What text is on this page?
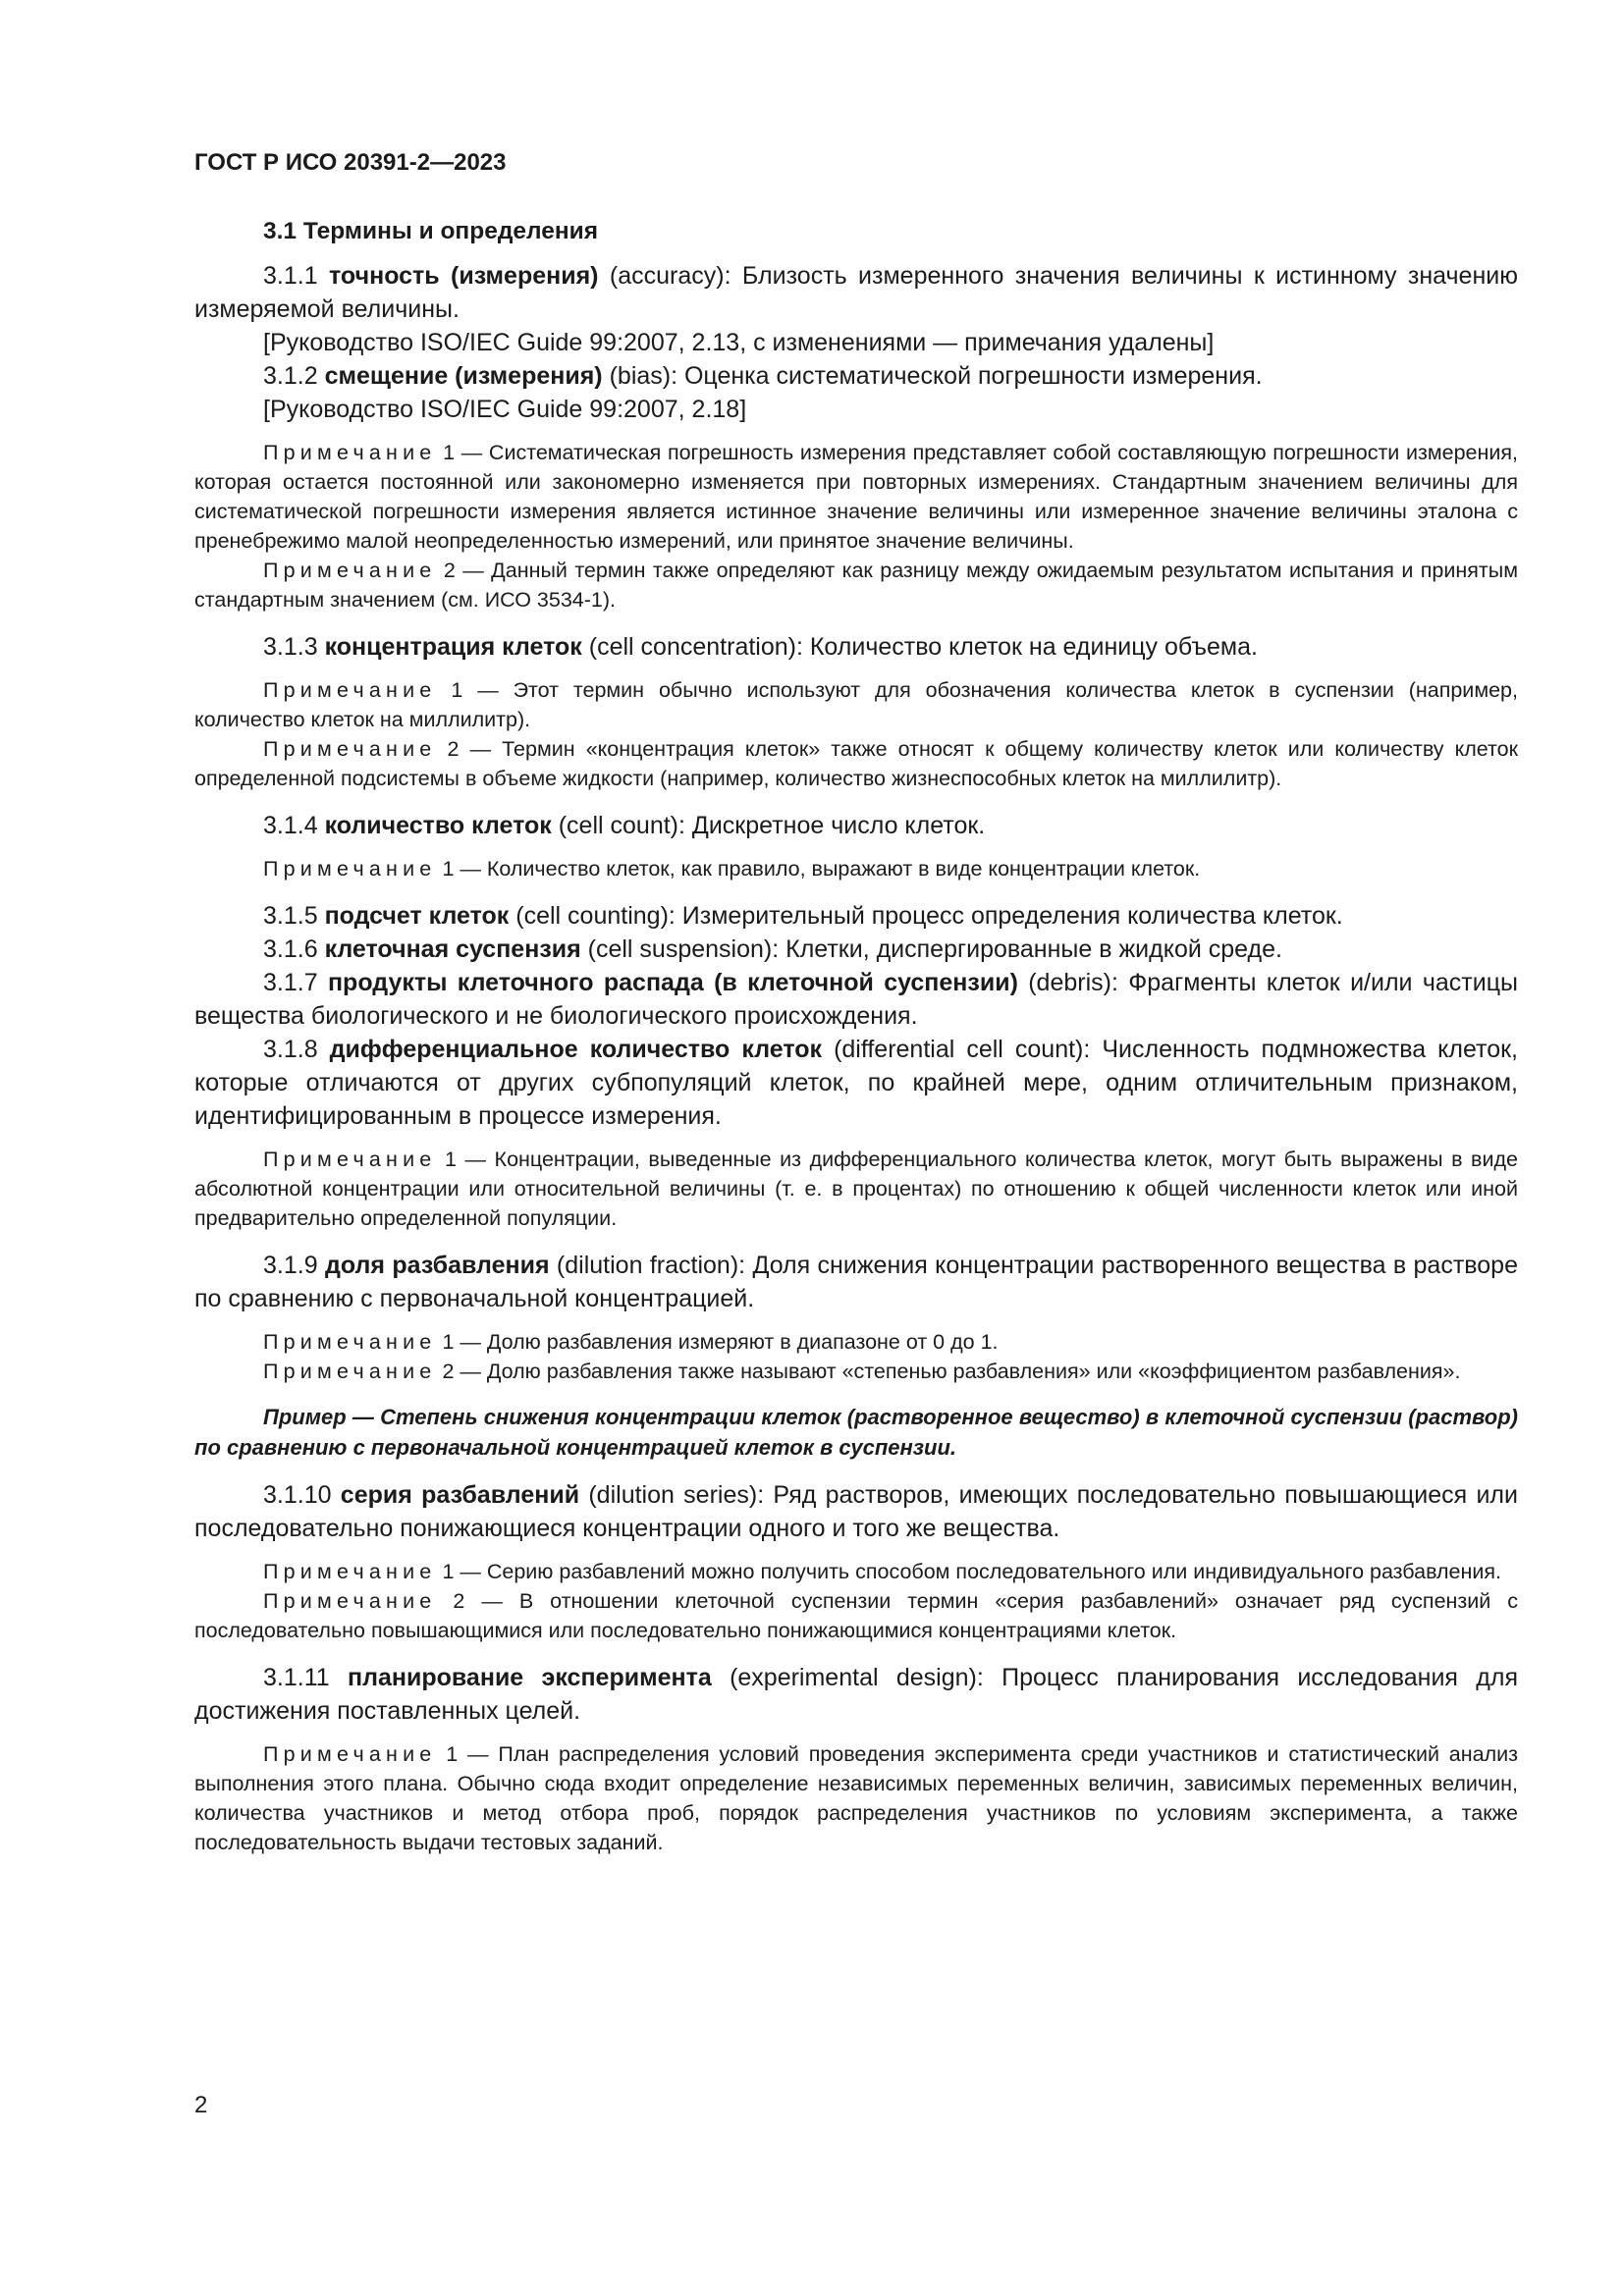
ГОСТ Р ИСО 20391-2—2023
3.1 Термины и определения

3.1.1 точность (измерения) (accuracy): Близость измеренного значения величины к истинному значению измеряемой величины.

[Руководство ISO/IEC Guide 99:2007, 2.13, с изменениями — примечания удалены]

3.1.2 смещение (измерения) (bias): Оценка систематической погрешности измерения.

[Руководство ISO/IEC Guide 99:2007, 2.18]

Примечание 1 — Систематическая погрешность измерения представляет собой составляющую погрешности измерения, которая остается постоянной или закономерно изменяется при повторных измерениях. Стандартным значением величины для систематической погрешности измерения является истинное значение величины или измеренное значение величины эталона с пренебрежимо малой неопределенностью измерений, или принятое значение величины.

Примечание 2 — Данный термин также определяют как разницу между ожидаемым результатом испытания и принятым стандартным значением (см. ИСО 3534-1).

3.1.3 концентрация клеток (cell concentration): Количество клеток на единицу объема.

Примечание 1 — Этот термин обычно используют для обозначения количества клеток в суспензии (например, количество клеток на миллилитр).

Примечание 2 — Термин «концентрация клеток» также относят к общему количеству клеток или количеству клеток определенной подсистемы в объеме жидкости (например, количество жизнеспособных клеток на миллилитр).

3.1.4 количество клеток (cell count): Дискретное число клеток.

Примечание 1 — Количество клеток, как правило, выражают в виде концентрации клеток.

3.1.5 подсчет клеток (cell counting): Измерительный процесс определения количества клеток.

3.1.6 клеточная суспензия (cell suspension): Клетки, диспергированные в жидкой среде.

3.1.7 продукты клеточного распада (в клеточной суспензии) (debris): Фрагменты клеток и/или частицы вещества биологического и не биологического происхождения.

3.1.8 дифференциальное количество клеток (differential cell count): Численность подмножества клеток, которые отличаются от других субпопуляций клеток, по крайней мере, одним отличительным признаком, идентифицированным в процессе измерения.

Примечание 1 — Концентрации, выведенные из дифференциального количества клеток, могут быть выражены в виде абсолютной концентрации или относительной величины (т. е. в процентах) по отношению к общей численности клеток или иной предварительно определенной популяции.

3.1.9 доля разбавления (dilution fraction): Доля снижения концентрации растворенного вещества в растворе по сравнению с первоначальной концентрацией.

Примечание 1 — Долю разбавления измеряют в диапазоне от 0 до 1.

Примечание 2 — Долю разбавления также называют «степенью разбавления» или «коэффициентом разбавления».

Пример — Степень снижения концентрации клеток (растворенное вещество) в клеточной суспензии (раствор) по сравнению с первоначальной концентрацией клеток в суспензии.

3.1.10 серия разбавлений (dilution series): Ряд растворов, имеющих последовательно повышающиеся или последовательно понижающиеся концентрации одного и того же вещества.

Примечание 1 — Серию разбавлений можно получить способом последовательного или индивидуального разбавления.

Примечание 2 — В отношении клеточной суспензии термин «серия разбавлений» означает ряд суспензий с последовательно повышающимися или последовательно понижающимися концентрациями клеток.

3.1.11 планирование эксперимента (experimental design): Процесс планирования исследования для достижения поставленных целей.

Примечание 1 — План распределения условий проведения эксперимента среди участников и статистический анализ выполнения этого плана. Обычно сюда входит определение независимых переменных величин, зависимых переменных величин, количества участников и метод отбора проб, порядок распределения участников по условиям эксперимента, а также последовательность выдачи тестовых заданий.

2
